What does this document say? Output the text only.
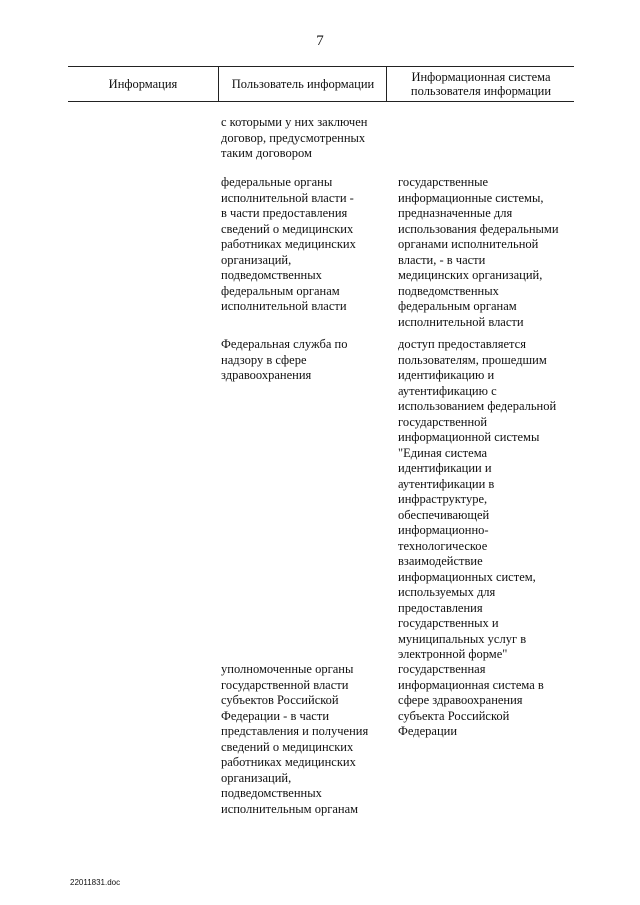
7
Информация	Пользователь информации	Информационная система
пользователя информации
с которыми у них заключен
договор, предусмотренных
таким договором
федеральные органы
исполнительной власти -
в части предоставления
сведений о медицинских
работниках медицинских
организаций,
подведомственных
федеральным органам
исполнительной власти
государственные
информационные системы,
предназначенные для
использования федеральными
органами исполнительной
власти, - в части
медицинских организаций,
подведомственных
федеральным органам
исполнительной власти
Федеральная служба по
надзору в сфере
здравоохранения
доступ предоставляется
пользователям, прошедшим
идентификацию и
аутентификацию с
использованием федеральной
государственной
информационной системы
"Единая система
идентификации и
аутентификации в
инфраструктуре,
обеспечивающей
информационно-
технологическое
взаимодействие
информационных систем,
используемых для
предоставления
государственных и
муниципальных услуг в
электронной форме"
уполномоченные органы
государственной власти
субъектов Российской
Федерации - в части
представления и получения
сведений о медицинских
работниках медицинских
организаций,
подведомственных
исполнительным органам
государственная
информационная система в
сфере здравоохранения
субъекта Российской
Федерации
22011831.doc
